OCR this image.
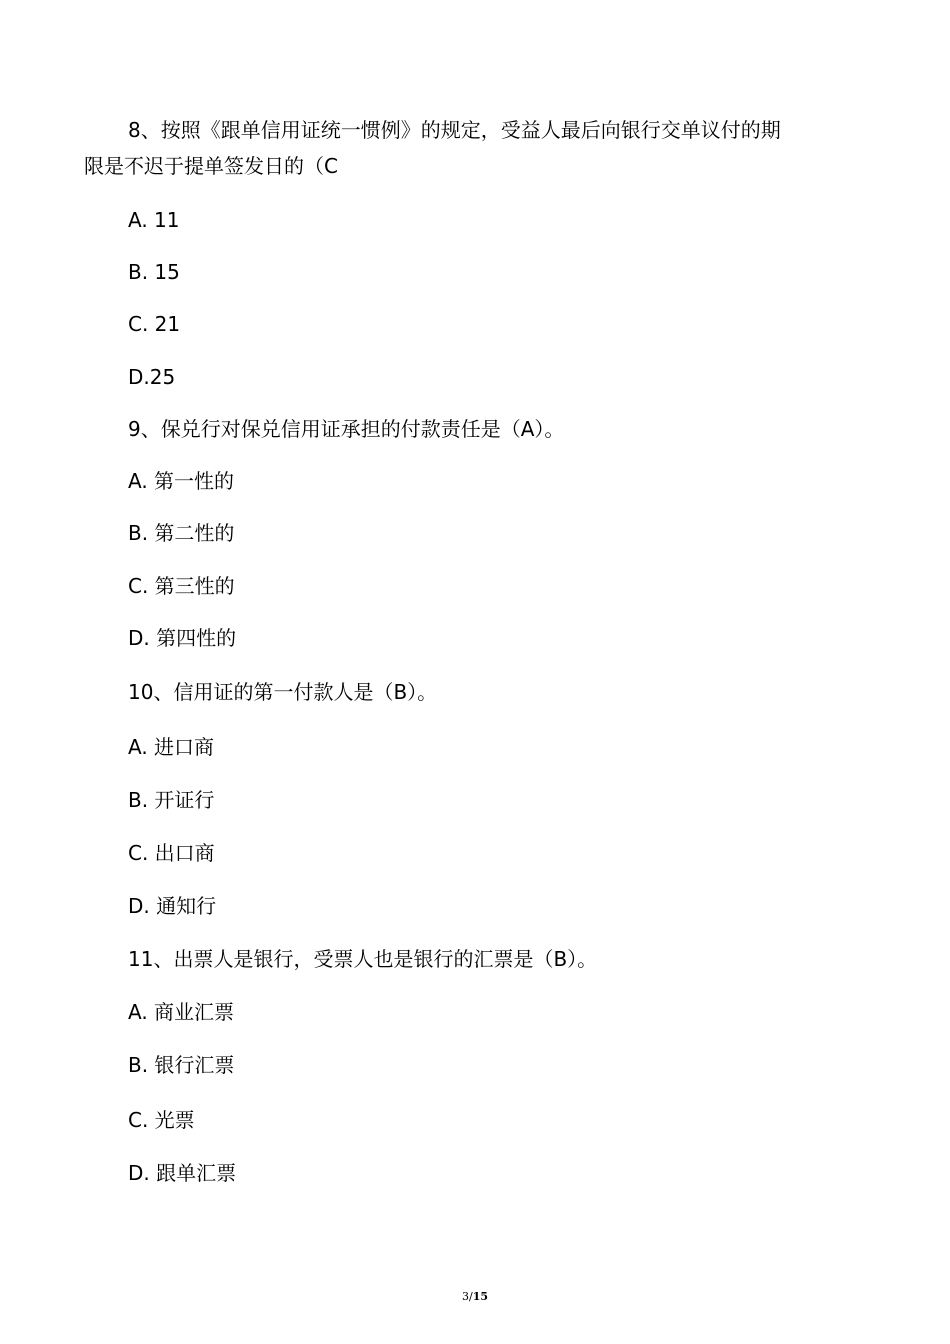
8、按照《跟单信用证统一惯例》的规定，受益人最后向银行交单议付的期
限是不迟于提单签发日的（C
A. 11
B. 15
C. 21
D.25
9、保兑行对保兑信用证承担的付款责任是（A）。
A. 第一性的
B. 第二性的
C. 第三性的
D. 第四性的
10、信用证的第一付款人是（B）。
A. 进口商
B. 开证行
C. 出口商
D. 通知行
11、出票人是银行，受票人也是银行的汇票是（B）。
A. 商业汇票
B. 银行汇票
C. 光票
D. 跟单汇票
3/15
